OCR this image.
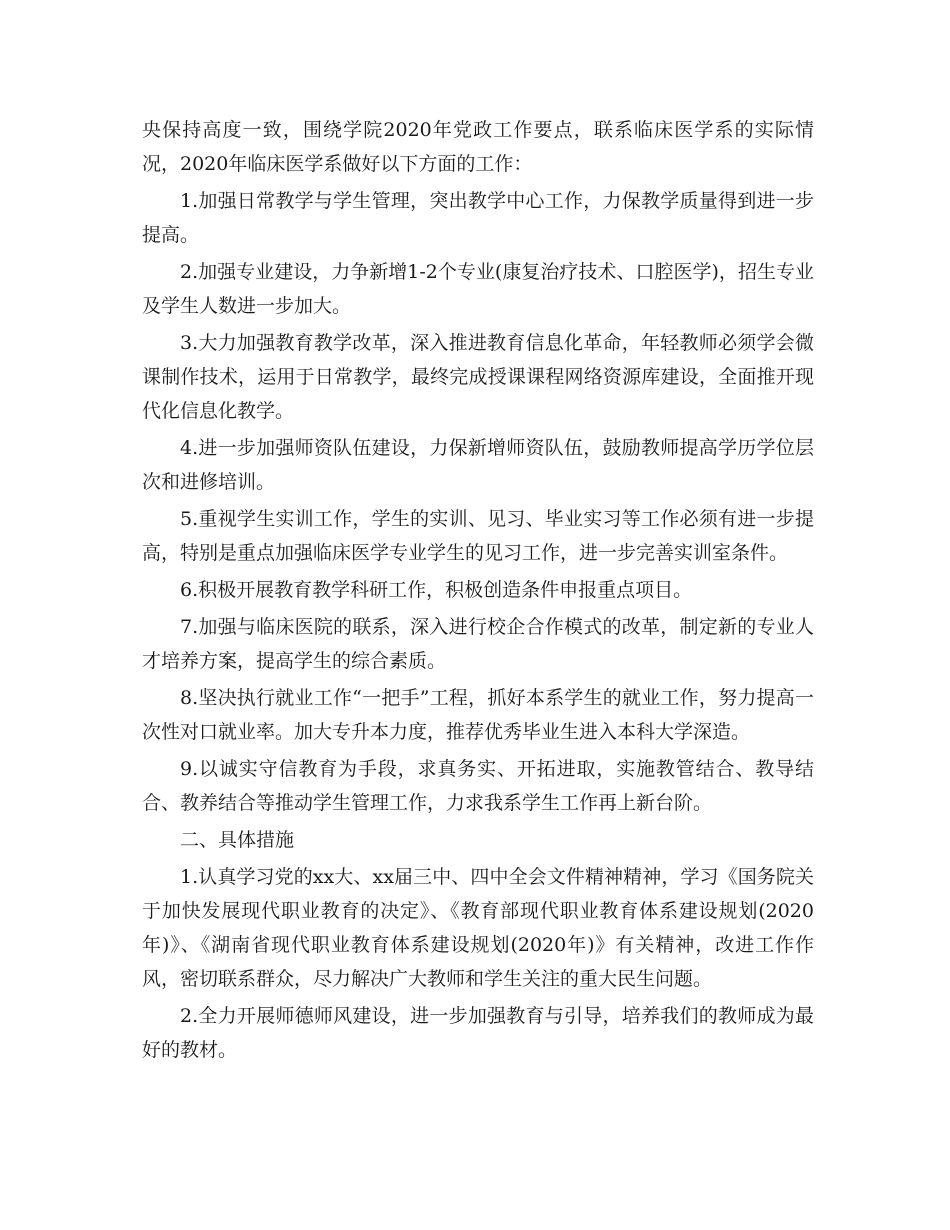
央保持高度一致，围绕学院2020年党政工作要点，联系临床医学系的实际情况，2020年临床医学系做好以下方面的工作：

1.加强日常教学与学生管理，突出教学中心工作，力保教学质量得到进一步提高。

2.加强专业建设，力争新增1-2个专业(康复治疗技术、口腔医学)，招生专业及学生人数进一步加大。

3.大力加强教育教学改革，深入推进教育信息化革命，年轻教师必须学会微课制作技术，运用于日常教学，最终完成授课课程网络资源库建设，全面推开现代化信息化教学。

4.进一步加强师资队伍建设，力保新增师资队伍，鼓励教师提高学历学位层次和进修培训。

5.重视学生实训工作，学生的实训、见习、毕业实习等工作必须有进一步提高，特别是重点加强临床医学专业学生的见习工作，进一步完善实训室条件。

6.积极开展教育教学科研工作，积极创造条件申报重点项目。

7.加强与临床医院的联系，深入进行校企合作模式的改革，制定新的专业人才培养方案，提高学生的综合素质。

8.坚决执行就业工作“一把手”工程，抓好本系学生的就业工作，努力提高一次性对口就业率。加大专升本力度，推荐优秀毕业生进入本科大学深造。

9.以诚实守信教育为手段，求真务实、开拓进取，实施教管结合、教导结合、教养结合等推动学生管理工作，力求我系学生工作再上新台阶。

二、具体措施

1.认真学习党的xx大、xx届三中、四中全会文件精神精神，学习《国务院关于加快发展现代职业教育的决定》、《教育部现代职业教育体系建设规划(2020年)》、《湖南省现代职业教育体系建设规划(2020年)》有关精神，改进工作作风，密切联系群众，尽力解决广大教师和学生关注的重大民生问题。

2.全力开展师德师风建设，进一步加强教育与引导，培养我们的教师成为最好的教材。
